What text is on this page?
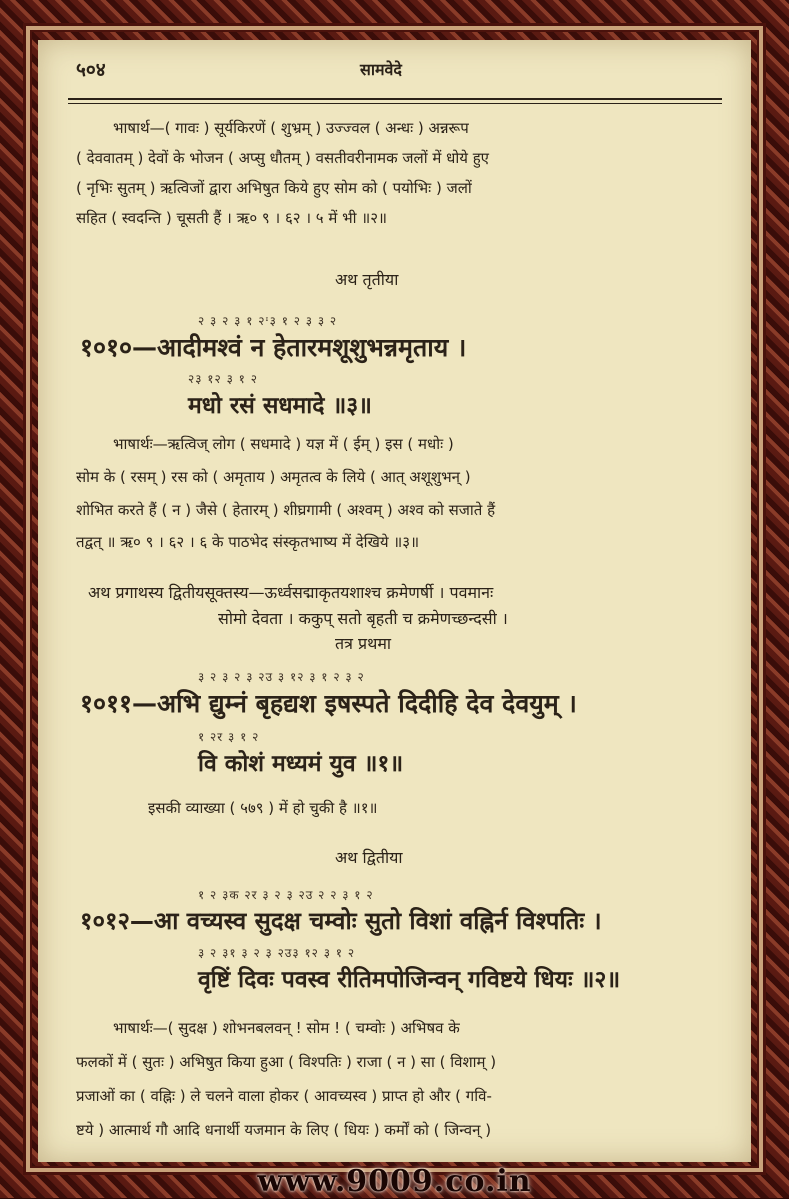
५०४	सामवेदे
भाषार्थ—( गावः ) सूर्यकिरणें ( शुभ्रम् ) उज्ज्वल ( अन्धः ) अन्नरूप
( देववातम् ) देवों के भोजन ( अप्सु धौतम् ) वसतीवरीनामक जलों में धोये हुए
( नृभिः सुतम् ) ऋत्विजों द्वारा अभिषुत किये हुए सोम को ( पयोभिः ) जलों
सहित ( स्वदन्ति ) चूसती हैं । ऋ० ९ । ६२ । ५ में भी ॥२॥
अथ तृतीया
२ ३ २ ३ १ २ᶦ३ १ २ ३ ३ २
१०१०—आदीमश्वं न हेतारमशूशुभन्नमृताय ।
२३ १२ ३ १ २
मधो रसं सधमादे ॥३॥
भाषार्थः—ऋत्विज् लोग ( सधमादे ) यज्ञ में ( ईम् ) इस ( मधोः )
सोम के ( रसम् ) रस को ( अमृताय ) अमृतत्व के लिये ( आत् अशूशुभन् )
शोभित करते हैं ( न ) जैसे ( हेतारम् ) शीघ्रगामी ( अश्वम् ) अश्व को सजाते हैं
तद्वत् ॥ ऋ० ९ । ६२ । ६ के पाठभेद संस्कृतभाष्य में देखिये ॥३॥
अथ प्रगाथस्य द्वितीयसूक्तस्य—ऊर्ध्वसद्माकृतयशाश्च क्रमेणर्षी । पवमानः
सोमो देवता । ककुप् सतो बृहती च क्रमेणच्छन्दसी ।
तत्र प्रथमा
३ २ ३ २ ३ २उ ३ १२ ३ १ २ ३ २
१०११—अभि द्युम्नं बृहद्यश इषस्पते दिदीहि देव देवयुम् ।
१ २र ३ १ २
वि कोशं मध्यमं युव ॥१॥
इसकी व्याख्या ( ५७९ ) में हो चुकी है ॥१॥
अथ द्वितीया
१ २ ३क २र ३ २ ३ २उ २ २ ३ १ २
१०१२—आ वच्यस्व सुदक्ष चम्वोः सुतो विशां वह्निर्न विश्पतिः ।
३ २ ३१ ३ २ ३ २उ३ १२ ३ १ २
वृष्टिं दिवः पवस्व रीतिमपोजिन्वन् गविष्टये धियः ॥२॥
भाषार्थः—( सुदक्ष ) शोभनबलवन् ! सोम ! ( चम्वोः ) अभिषव के
फलकों में ( सुतः ) अभिषुत किया हुआ ( विश्पतिः ) राजा ( न ) सा ( विशाम् )
प्रजाओं का ( वह्निः ) ले चलने वाला होकर ( आवच्यस्व ) प्राप्त हो और ( गवि-
ष्टये ) आत्मार्थ गौ आदि धनार्थी यजमान के लिए ( धियः ) कर्मों को ( जिन्वन् )
www.9009.co.in
